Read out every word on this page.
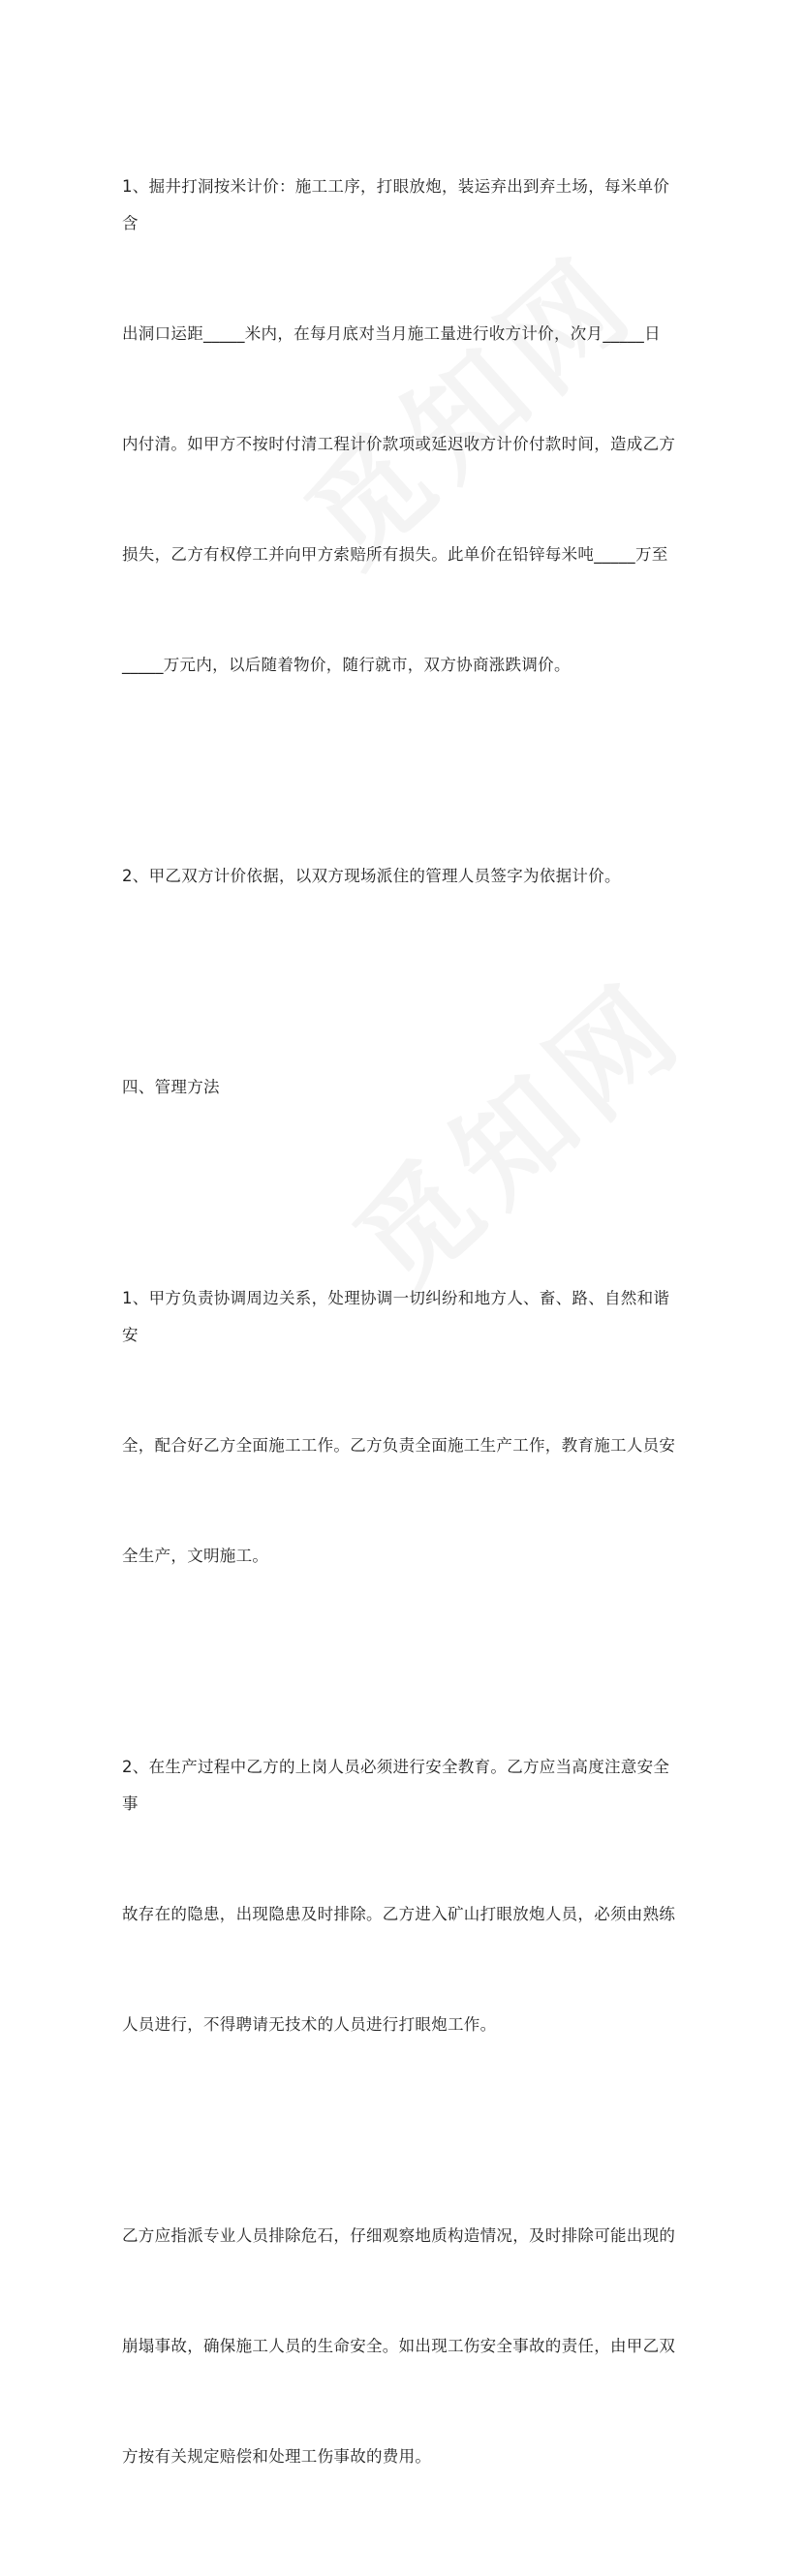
1、掘井打洞按米计价：施工工序，打眼放炮，装运弃出到弃土场，每米单价含

出洞口运距_____米内，在每月底对当月施工量进行收方计价，次月_____日

内付清。如甲方不按时付清工程计价款项或延迟收方计价付款时间，造成乙方

损失，乙方有权停工并向甲方索赔所有损失。此单价在铅锌每米吨_____万至

_____万元内，以后随着物价，随行就市，双方协商涨跌调价。

2、甲乙双方计价依据，以双方现场派住的管理人员签字为依据计价。

四、管理方法

1、甲方负责协调周边关系，处理协调一切纠纷和地方人、畜、路、自然和谐安

全，配合好乙方全面施工工作。乙方负责全面施工生产工作，教育施工人员安

全生产，文明施工。

2、在生产过程中乙方的上岗人员必须进行安全教育。乙方应当高度注意安全事

故存在的隐患，出现隐患及时排除。乙方进入矿山打眼放炮人员，必须由熟练

人员进行，不得聘请无技术的人员进行打眼炮工作。

乙方应指派专业人员排除危石，仔细观察地质构造情况，及时排除可能出现的

崩塌事故，确保施工人员的生命安全。如出现工伤安全事故的责任，由甲乙双

方按有关规定赔偿和处理工伤事故的费用。
